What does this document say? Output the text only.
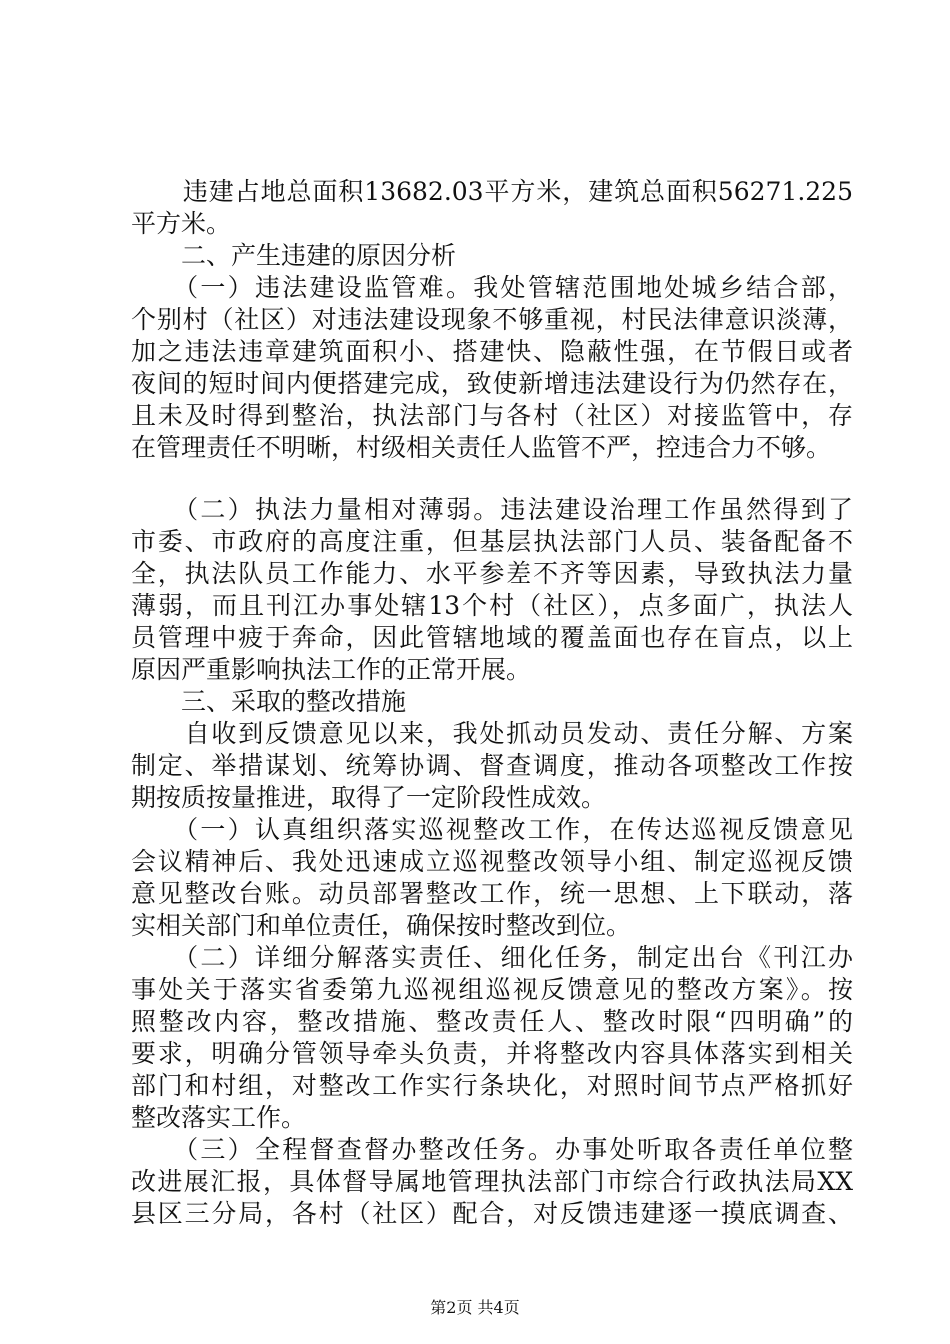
　　违建占地总面积13682.03平方米，建筑总面积56271.225
平方米。
　　二、产生违建的原因分析
　　（一）违法建设监管难。我处管辖范围地处城乡结合部，
个别村（社区）对违法建设现象不够重视，村民法律意识淡薄，
加之违法违章建筑面积小、搭建快、隐蔽性强，在节假日或者
夜间的短时间内便搭建完成，致使新增违法建设行为仍然存在，
且未及时得到整治，执法部门与各村（社区）对接监管中，存
在管理责任不明晰，村级相关责任人监管不严，控违合力不够。
　　（二）执法力量相对薄弱。违法建设治理工作虽然得到了
市委、市政府的高度注重，但基层执法部门人员、装备配备不
全，执法队员工作能力、水平参差不齐等因素，导致执法力量
薄弱，而且刊江办事处辖13个村（社区），点多面广，执法人
员管理中疲于奔命，因此管辖地域的覆盖面也存在盲点，以上
原因严重影响执法工作的正常开展。
　　三、采取的整改措施
　　自收到反馈意见以来，我处抓动员发动、责任分解、方案
制定、举措谋划、统筹协调、督查调度，推动各项整改工作按
期按质按量推进，取得了一定阶段性成效。
　　（一）认真组织落实巡视整改工作，在传达巡视反馈意见
会议精神后、我处迅速成立巡视整改领导小组、制定巡视反馈
意见整改台账。动员部署整改工作，统一思想、上下联动，落
实相关部门和单位责任，确保按时整改到位。
　　（二）详细分解落实责任、细化任务，制定出台《刊江办
事处关于落实省委第九巡视组巡视反馈意见的整改方案》。按
照整改内容，整改措施、整改责任人、整改时限“四明确”的
要求，明确分管领导牵头负责，并将整改内容具体落实到相关
部门和村组，对整改工作实行条块化，对照时间节点严格抓好
整改落实工作。
　　（三）全程督查督办整改任务。办事处听取各责任单位整
改进展汇报，具体督导属地管理执法部门市综合行政执法局XX
县区三分局，各村（社区）配合，对反馈违建逐一摸底调查、
第2页 共4页
